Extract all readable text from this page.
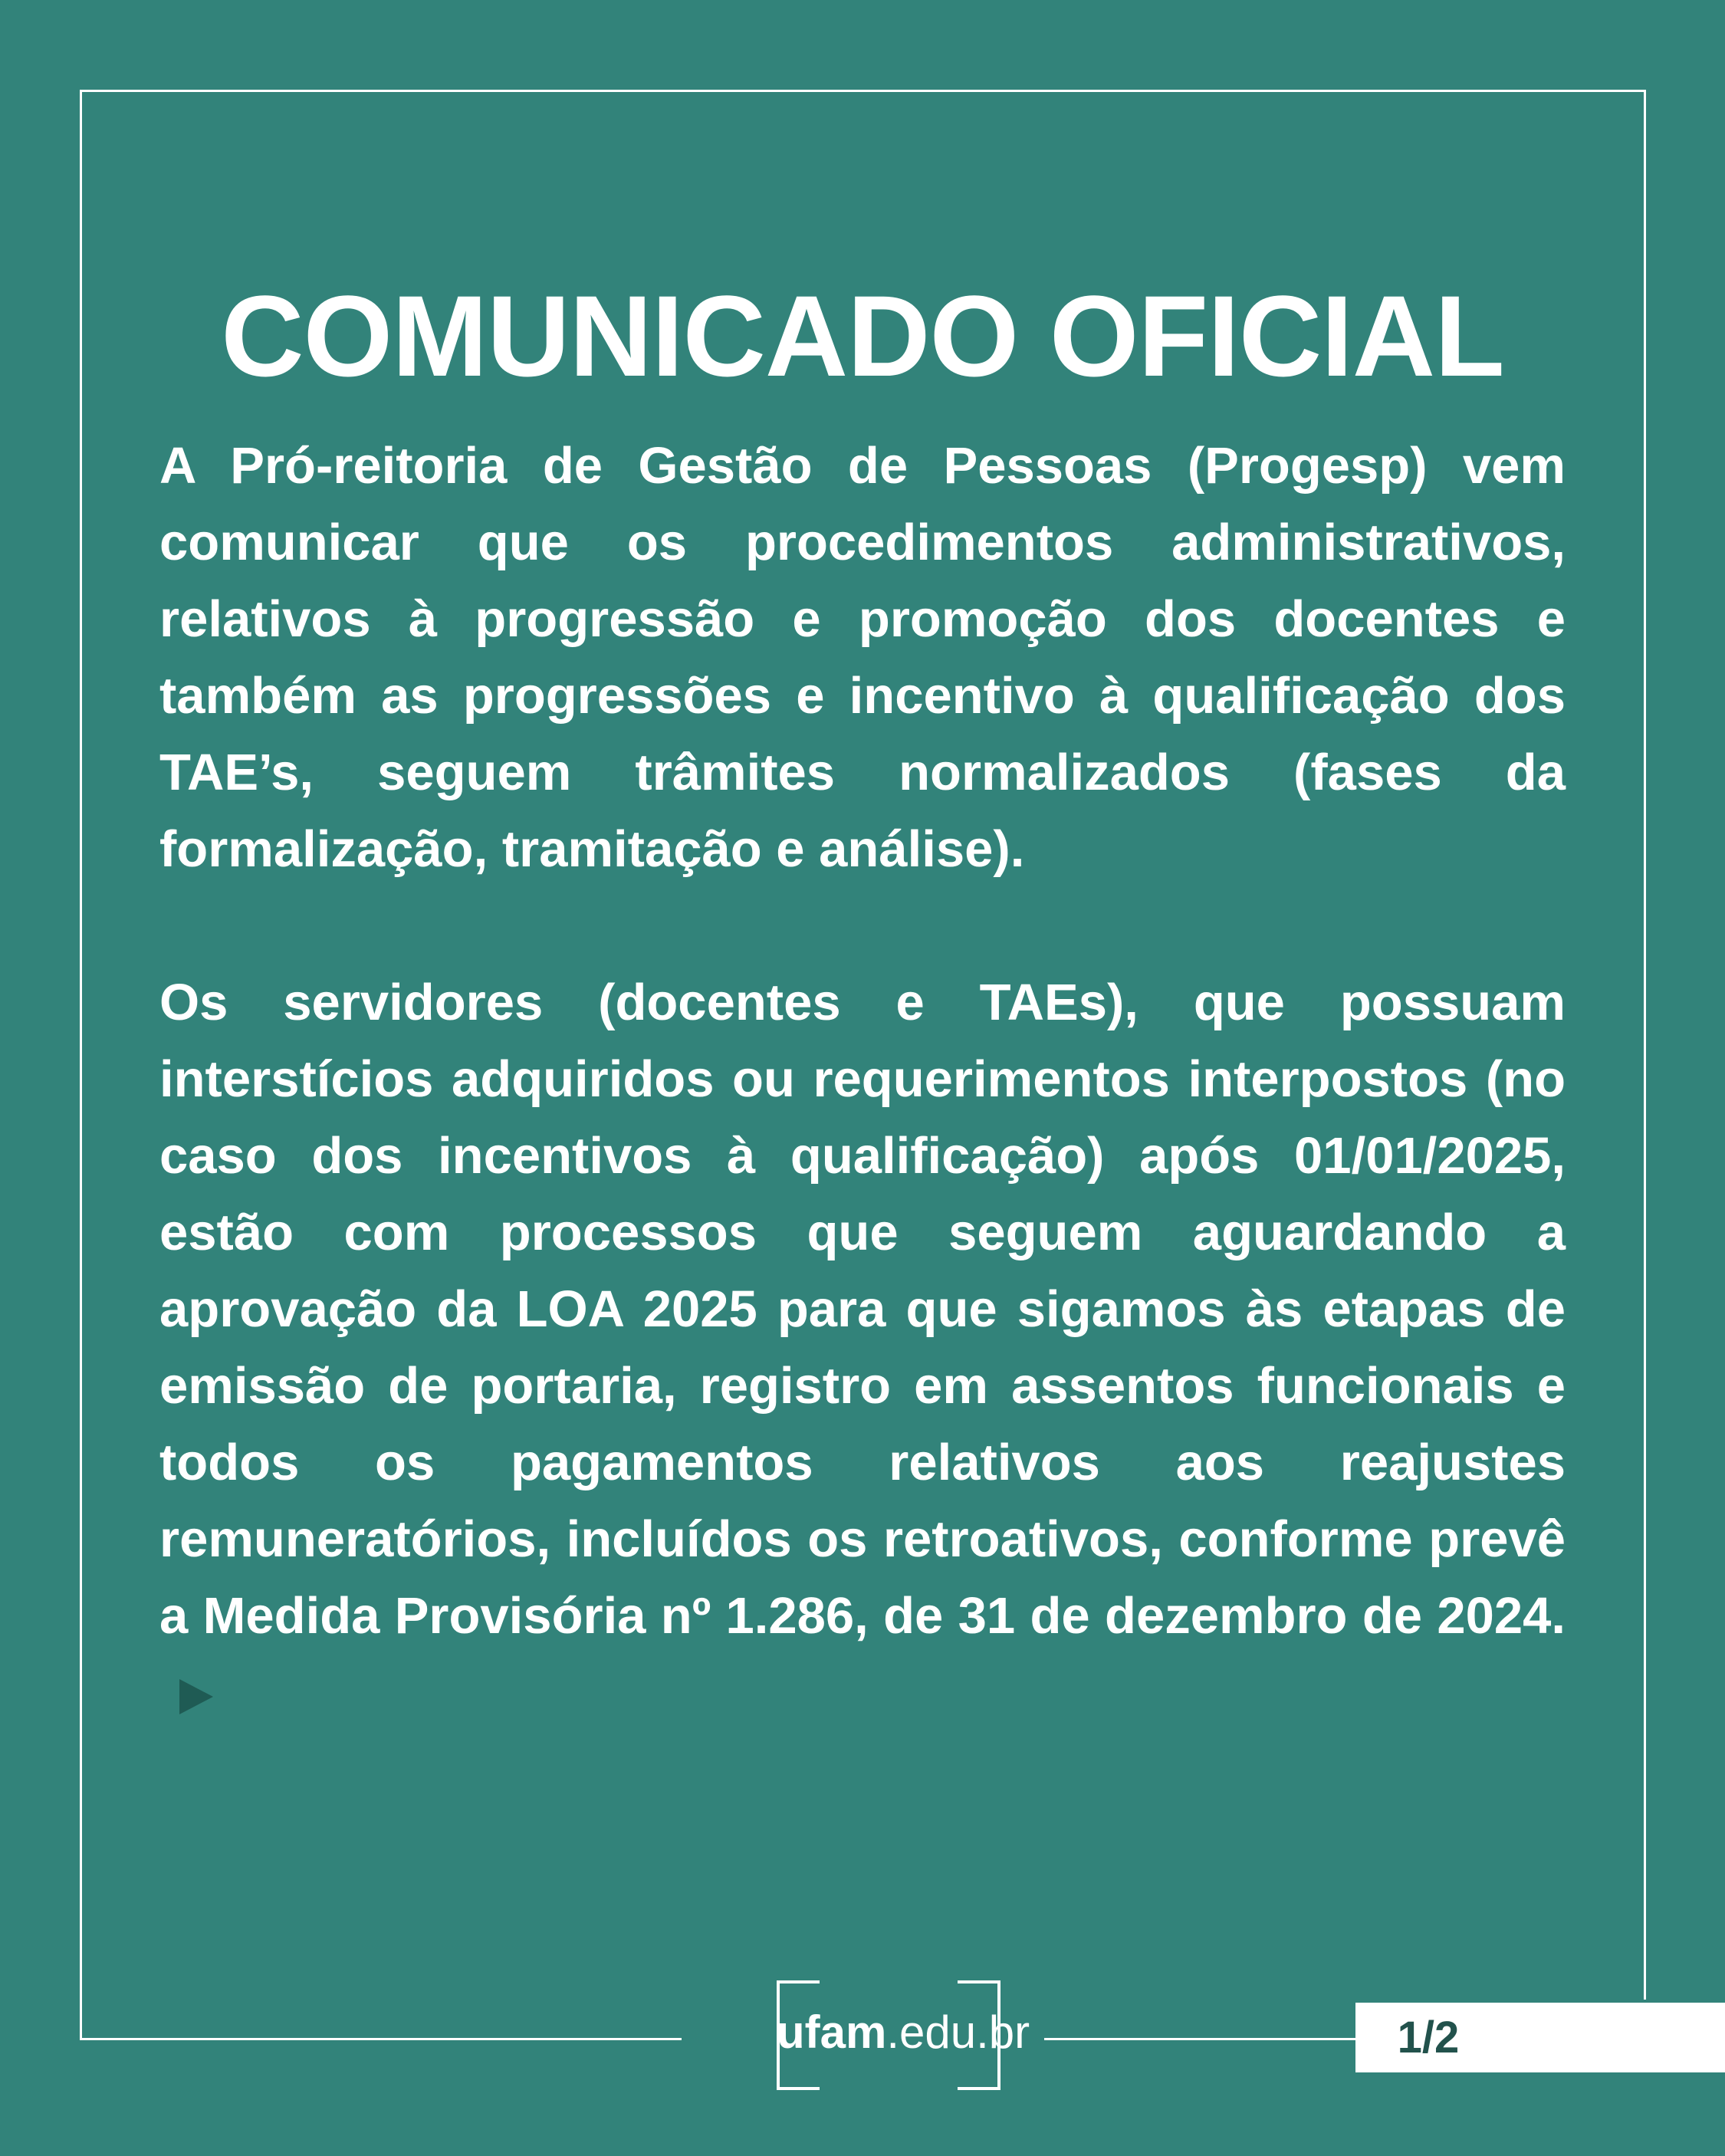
COMUNICADO OFICIAL

A Pró-reitoria de Gestão de Pessoas (Progesp) vem comunicar que os procedimentos administrativos, relativos à progressão e promoção dos docentes e também as progressões e incentivo à qualificação dos TAE’s, seguem trâmites normalizados (fases da formalização, tramitação e análise).

Os servidores (docentes e TAEs), que possuam interstícios adquiridos ou requerimentos interpostos (no caso dos incentivos à qualificação) após 01/01/2025, estão com processos que seguem aguardando a aprovação da LOA 2025 para que sigamos às etapas de emissão de portaria, registro em assentos funcionais e todos os pagamentos relativos aos reajustes remuneratórios, incluídos os retroativos, conforme prevê a Medida Provisória nº 1.286, de 31 de dezembro de 2024.

ufam.edu.br	1/2
